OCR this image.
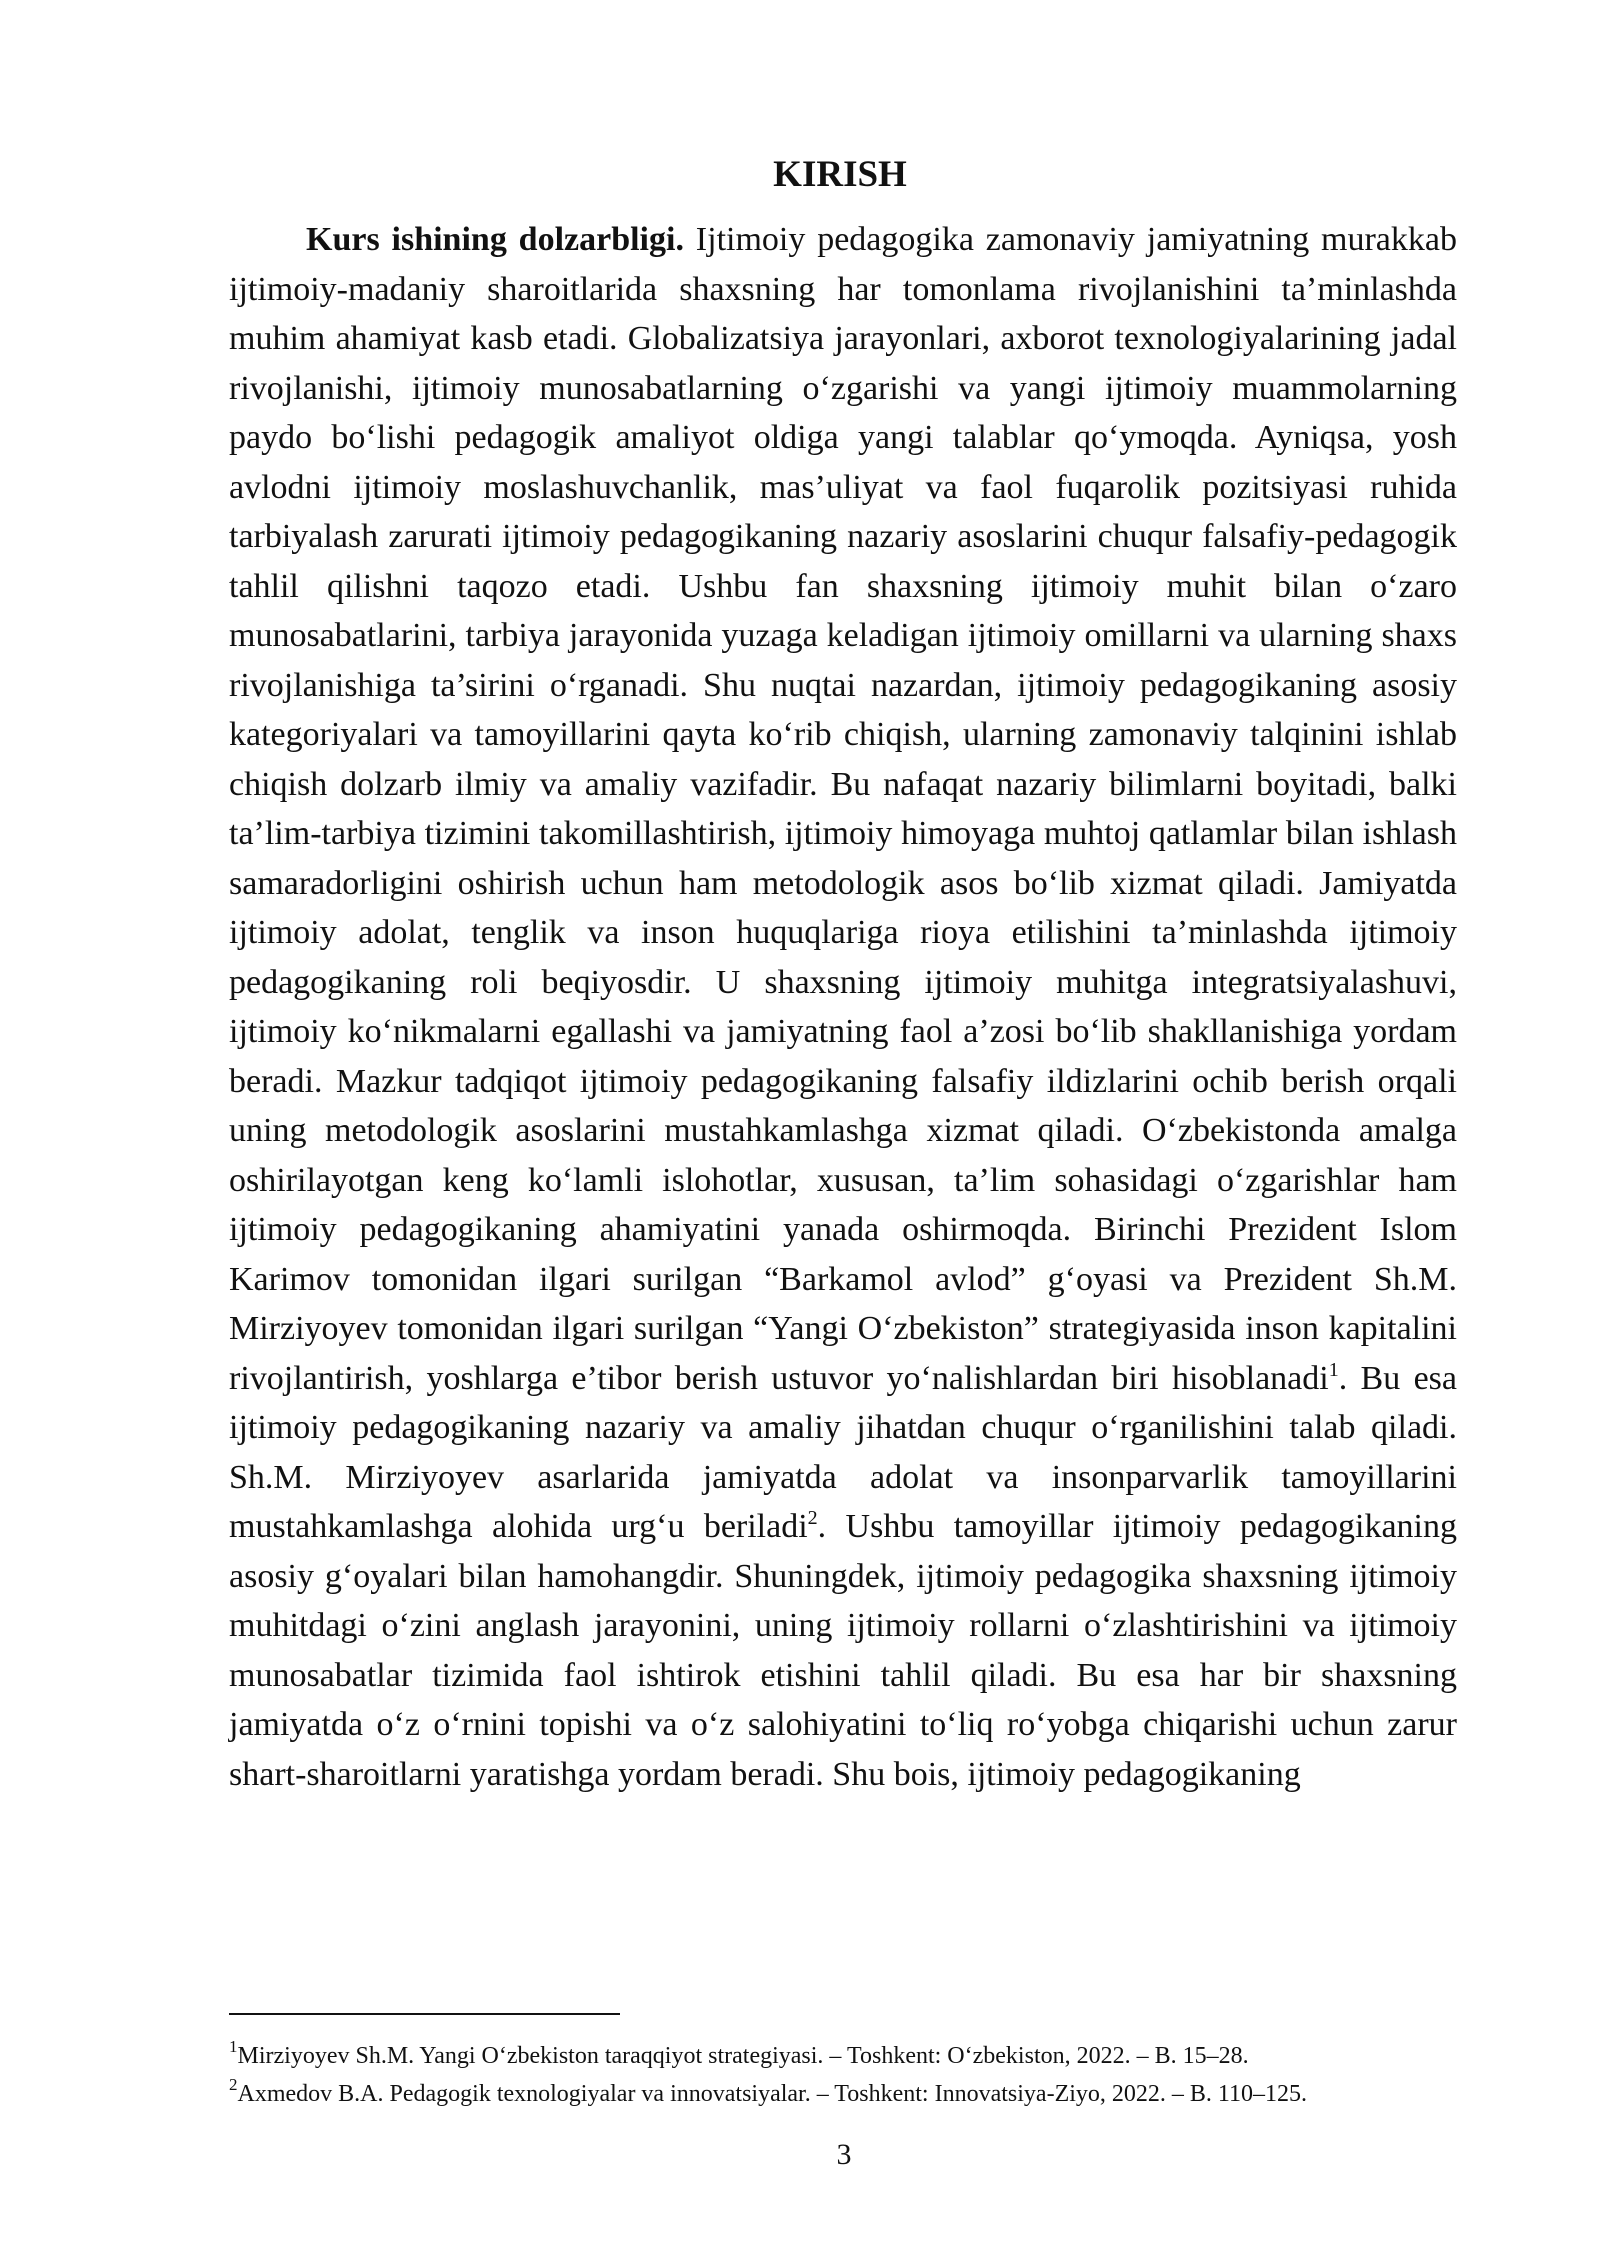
KIRISH

Kurs ishining dolzarbligi. Ijtimoiy pedagogika zamonaviy jamiyatning murakkab ijtimoiy-madaniy sharoitlarida shaxsning har tomonlama rivojlanishini ta’minlashda muhim ahamiyat kasb etadi. Globalizatsiya jarayonlari, axborot texnologiyalarining jadal rivojlanishi, ijtimoiy munosabatlarning o‘zgarishi va yangi ijtimoiy muammolarning paydo bo‘lishi pedagogik amaliyot oldiga yangi talablar qo‘ymoqda. Ayniqsa, yosh avlodni ijtimoiy moslashuvchanlik, mas’uliyat va faol fuqarolik pozitsiyasi ruhida tarbiyalash zarurati ijtimoiy pedagogikaning nazariy asoslarini chuqur falsafiy-pedagogik tahlil qilishni taqozo etadi. Ushbu fan shaxsning ijtimoiy muhit bilan o‘zaro munosabatlarini, tarbiya jarayonida yuzaga keladigan ijtimoiy omillarni va ularning shaxs rivojlanishiga ta’sirini o‘rganadi. Shu nuqtai nazardan, ijtimoiy pedagogikaning asosiy kategoriyalari va tamoyillarini qayta ko‘rib chiqish, ularning zamonaviy talqinini ishlab chiqish dolzarb ilmiy va amaliy vazifadir. Bu nafaqat nazariy bilimlarni boyitadi, balki ta’lim-tarbiya tizimini takomillashtirish, ijtimoiy himoyaga muhtoj qatlamlar bilan ishlash samaradorligini oshirish uchun ham metodologik asos bo‘lib xizmat qiladi. Jamiyatda ijtimoiy adolat, tenglik va inson huquqlariga rioya etilishini ta’minlashda ijtimoiy pedagogikaning roli beqiyosdir. U shaxsning ijtimoiy muhitga integratsiyalashuvi, ijtimoiy ko‘nikmalarni egallashi va jamiyatning faol a’zosi bo‘lib shakllanishiga yordam beradi. Mazkur tadqiqot ijtimoiy pedagogikaning falsafiy ildizlarini ochib berish orqali uning metodologik asoslarini mustahkamlashga xizmat qiladi. O‘zbekistonda amalga oshirilayotgan keng ko‘lamli islohotlar, xususan, ta’lim sohasidagi o‘zgarishlar ham ijtimoiy pedagogikaning ahamiyatini yanada oshirmoqda. Birinchi Prezident Islom Karimov tomonidan ilgari surilgan “Barkamol avlod” g‘oyasi va Prezident Sh.M. Mirziyoyev tomonidan ilgari surilgan “Yangi O‘zbekiston” strategiyasida inson kapitalini rivojlantirish, yoshlarga e’tibor berish ustuvor yo‘nalishlardan biri hisoblanadi$^1$. Bu esa ijtimoiy pedagogikaning nazariy va amaliy jihatdan chuqur o‘rganilishini talab qiladi. Sh.M. Mirziyoyev asarlarida jamiyatda adolat va insonparvarlik tamoyillarini mustahkamlashga alohida urg‘u beriladi$^2$. Ushbu tamoyillar ijtimoiy pedagogikaning asosiy g‘oyalari bilan hamohangdir. Shuningdek, ijtimoiy pedagogika shaxsning ijtimoiy muhitdagi o‘zini anglash jarayonini, uning ijtimoiy rollarni o‘zlashtirishini va ijtimoiy munosabatlar tizimida faol ishtirok etishini tahlil qiladi. Bu esa har bir shaxsning jamiyatda o‘z o‘rnini topishi va o‘z salohiyatini to‘liq ro‘yobga chiqarishi uchun zarur shart-sharoitlarni yaratishga yordam beradi. Shu bois, ijtimoiy pedagogikaning

$^1$Mirziyoyev Sh.M. Yangi O‘zbekiston taraqqiyot strategiyasi. – Toshkent: O‘zbekiston, 2022. – B. 15–28.

$^2$Axmedov B.A. Pedagogik texnologiyalar va innovatsiyalar. – Toshkent: Innovatsiya-Ziyo, 2022. – B. 110–125.

3
